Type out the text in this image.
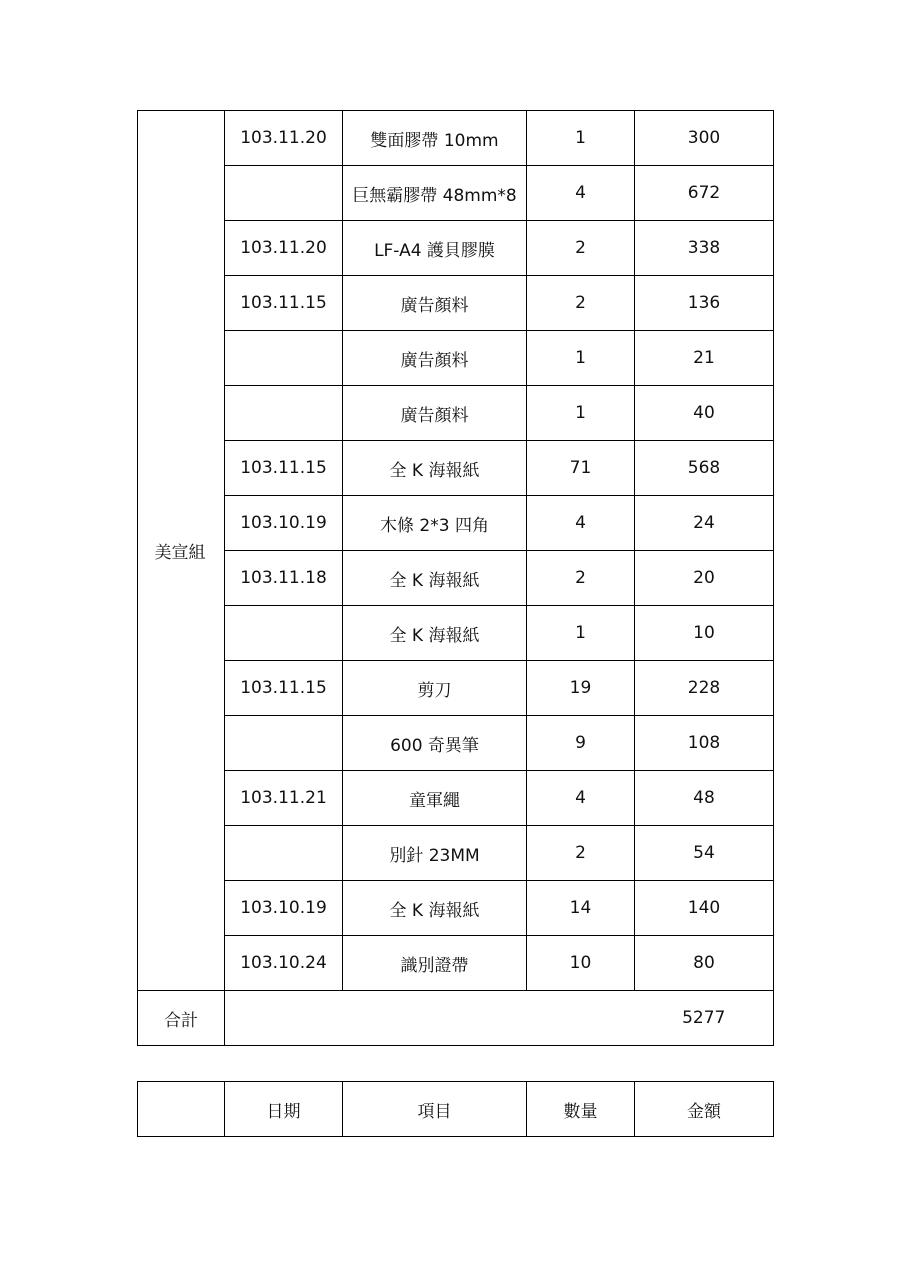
美宣組	103.11.20	雙面膠帶 10mm	1	300
		巨無霸膠帶 48mm*8	4	672
	103.11.20	LF-A4 護貝膠膜	2	338
	103.11.15	廣告顏料	2	136
		廣告顏料	1	21
		廣告顏料	1	40
	103.11.15	全 K 海報紙	71	568
	103.10.19	木條 2*3 四角	4	24
	103.11.18	全 K 海報紙	2	20
		全 K 海報紙	1	10
	103.11.15	剪刀	19	228
		600 奇異筆	9	108
	103.11.21	童軍繩	4	48
		別針 23MM	2	54
	103.10.19	全 K 海報紙	14	140
	103.10.24	識別證帶	10	80
合計				5277
	日期	項目	數量	金額
